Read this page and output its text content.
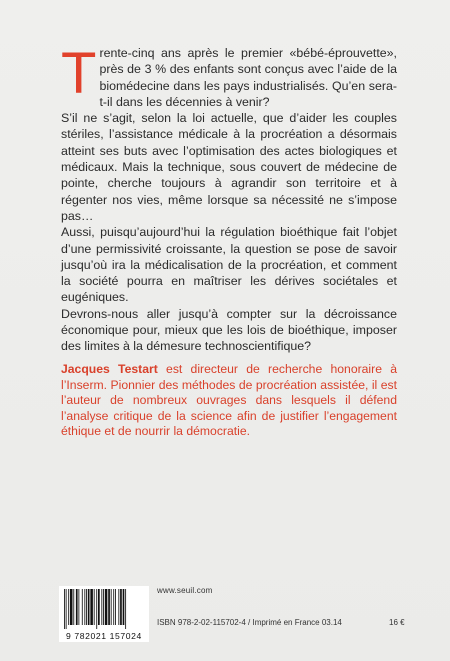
Trente-cinq ans après le premier «bébé-éprouvette», près de 3 % des enfants sont conçus avec l’aide de la biomédecine dans les pays industrialisés. Qu’en sera-t-il dans les décennies à venir?

S’il ne s’agit, selon la loi actuelle, que d’aider les couples stériles, l’assistance médicale à la procréation a désormais atteint ses buts avec l’optimisation des actes biologiques et médicaux. Mais la technique, sous couvert de médecine de pointe, cherche toujours à agrandir son territoire et à régenter nos vies, même lorsque sa nécessité ne s’impose pas…

Aussi, puisqu’aujourd’hui la régulation bioéthique fait l’objet d’une permissivité croissante, la question se pose de savoir jusqu’où ira la médicalisation de la procréation, et comment la société pourra en maîtriser les dérives sociétales et eugéniques.

Devrons-nous aller jusqu’à compter sur la décroissance économique pour, mieux que les lois de bioéthique, imposer des limites à la démesure technoscientifique?

Jacques Testart est directeur de recherche honoraire à l’Inserm. Pionnier des méthodes de procréation assistée, il est l’auteur de nombreux ouvrages dans lesquels il défend l’analyse critique de la science afin de justifier l’engagement éthique et de nourrir la démocratie.
9 782021 157024
www.seuil.com
ISBN 978-2-02-115702-4 / Imprimé en France 03.14	16 €
